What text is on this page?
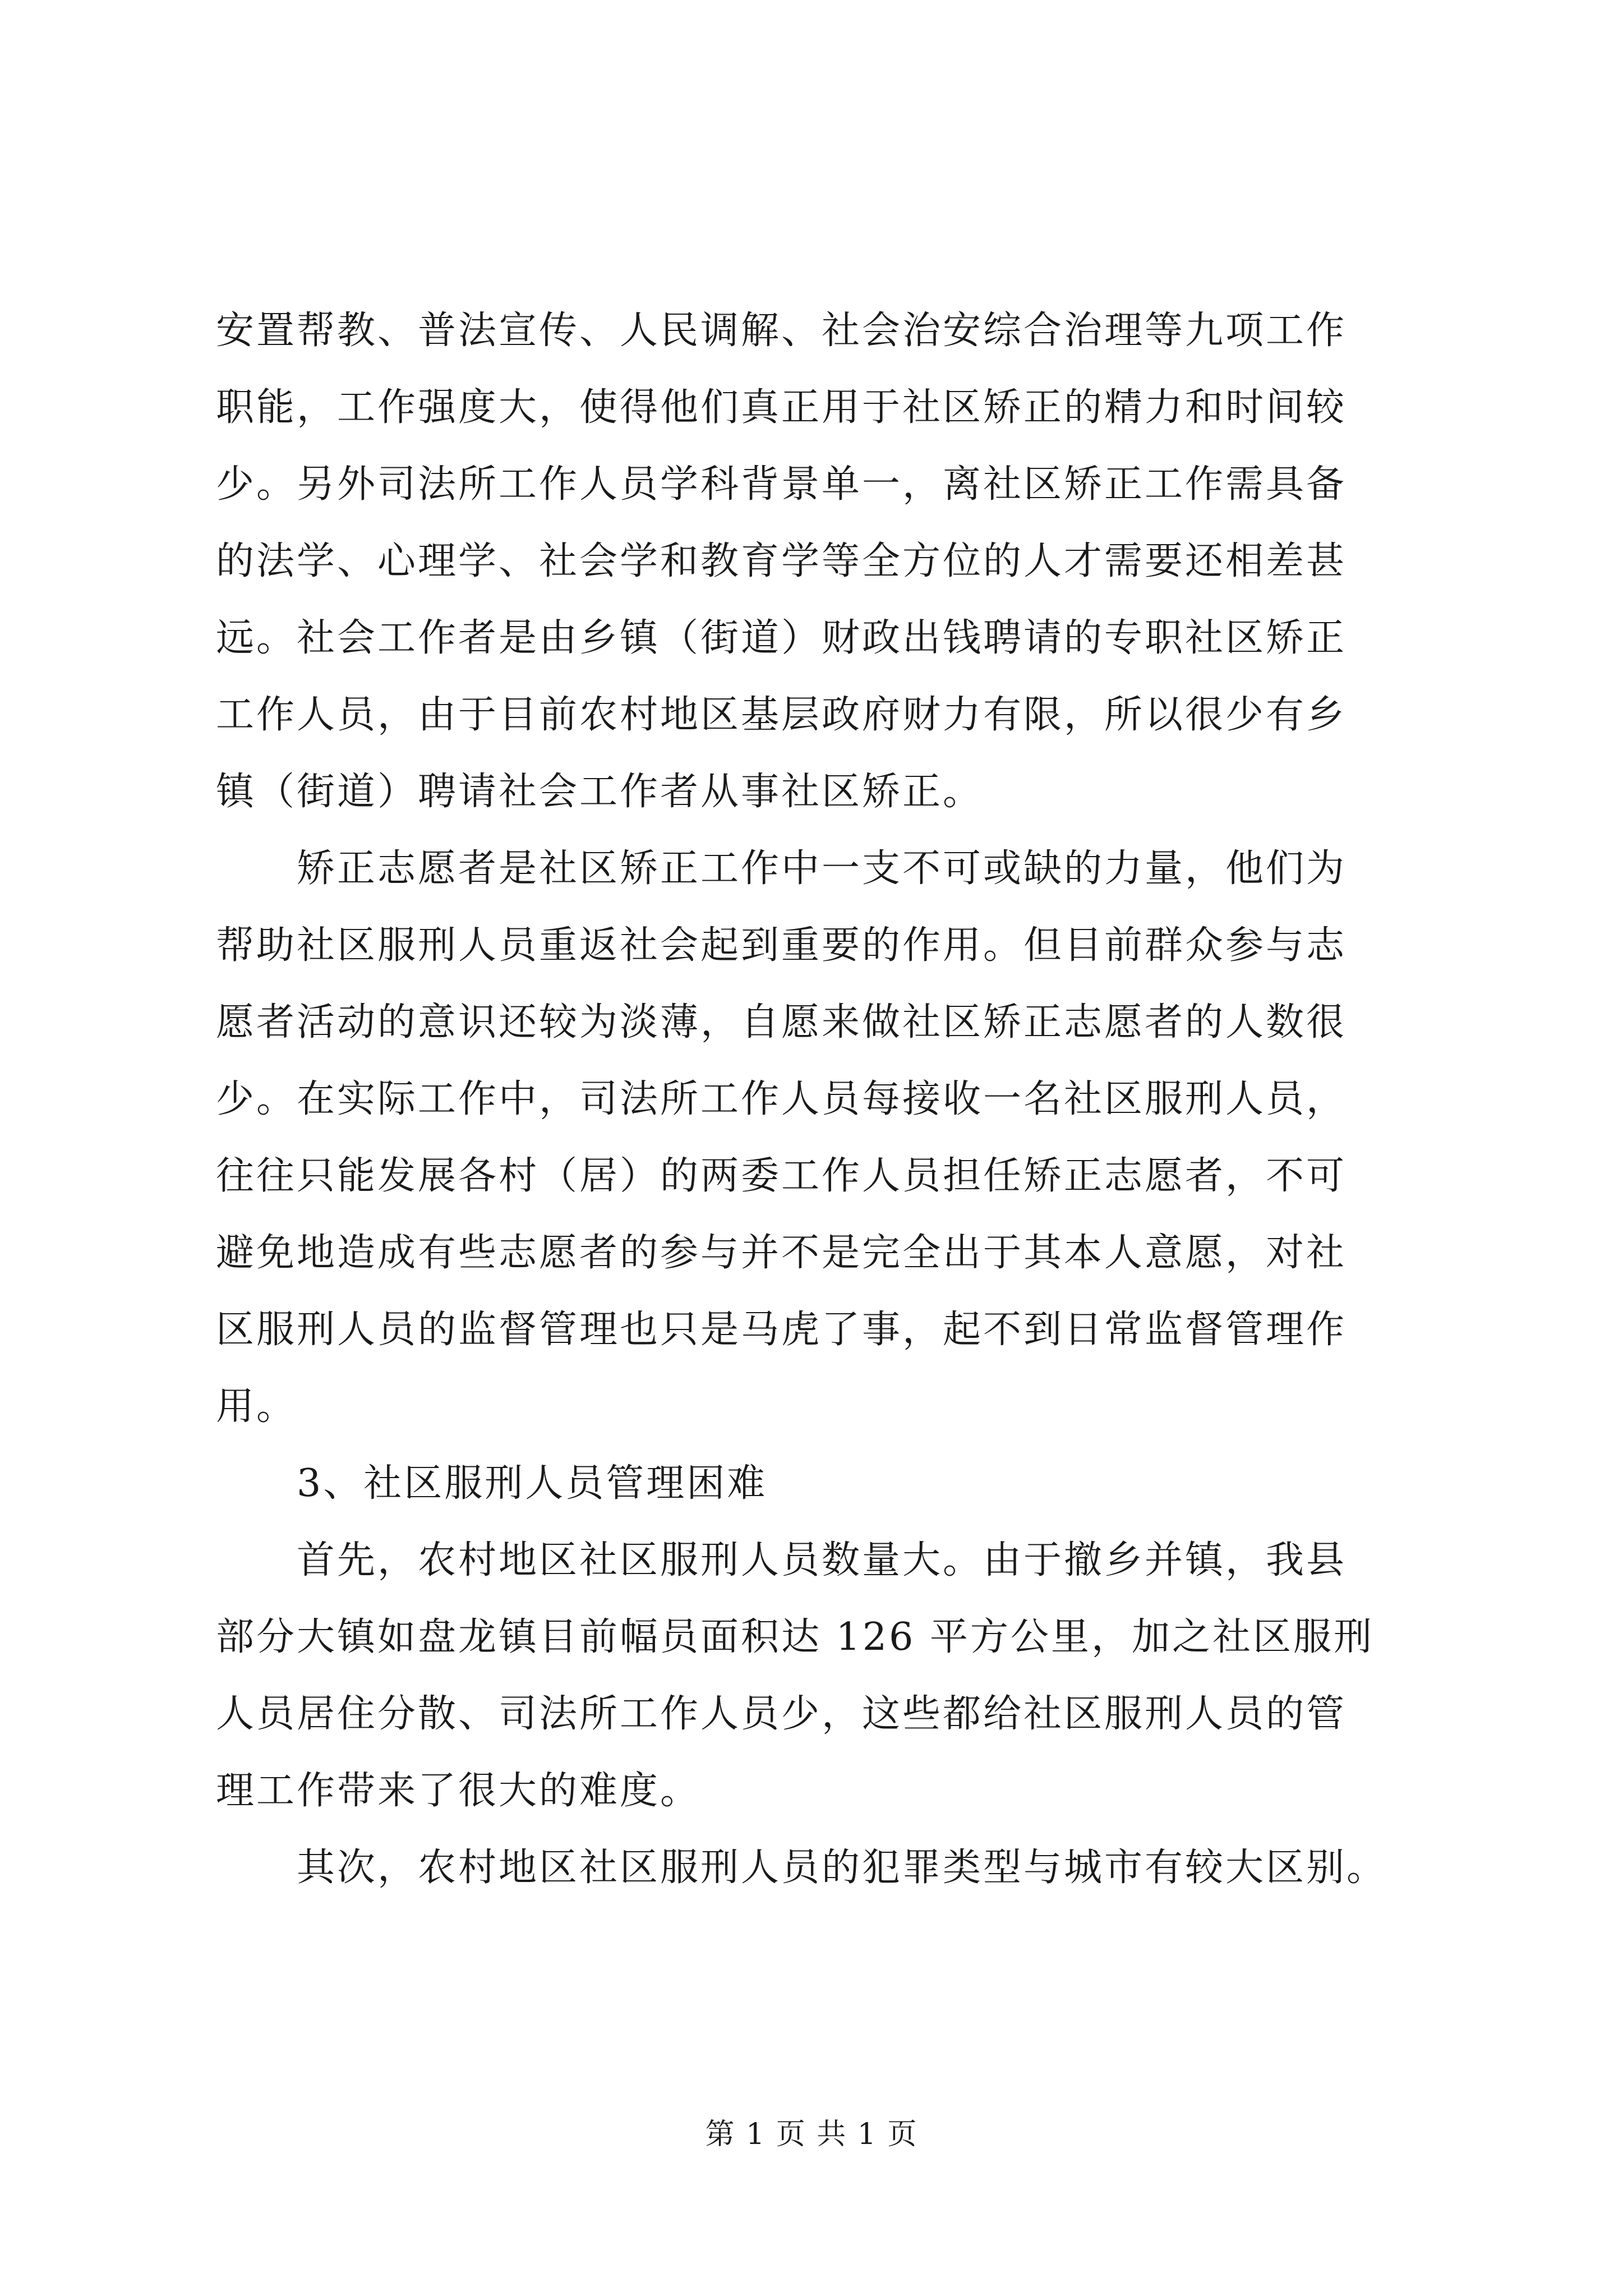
安置帮教、普法宣传、人民调解、社会治安综合治理等九项工作
职能，工作强度大，使得他们真正用于社区矫正的精力和时间较
少。另外司法所工作人员学科背景单一，离社区矫正工作需具备
的法学、心理学、社会学和教育学等全方位的人才需要还相差甚
远。社会工作者是由乡镇（街道）财政出钱聘请的专职社区矫正
工作人员，由于目前农村地区基层政府财力有限，所以很少有乡
镇（街道）聘请社会工作者从事社区矫正。
矫正志愿者是社区矫正工作中一支不可或缺的力量，他们为
帮助社区服刑人员重返社会起到重要的作用。但目前群众参与志
愿者活动的意识还较为淡薄，自愿来做社区矫正志愿者的人数很
少。在实际工作中，司法所工作人员每接收一名社区服刑人员，
往往只能发展各村（居）的两委工作人员担任矫正志愿者，不可
避免地造成有些志愿者的参与并不是完全出于其本人意愿，对社
区服刑人员的监督管理也只是马虎了事，起不到日常监督管理作
用。
3、社区服刑人员管理困难
首先，农村地区社区服刑人员数量大。由于撤乡并镇，我县
部分大镇如盘龙镇目前幅员面积达 126 平方公里，加之社区服刑
人员居住分散、司法所工作人员少，这些都给社区服刑人员的管
理工作带来了很大的难度。
其次，农村地区社区服刑人员的犯罪类型与城市有较大区别。
第 1 页 共 1 页
